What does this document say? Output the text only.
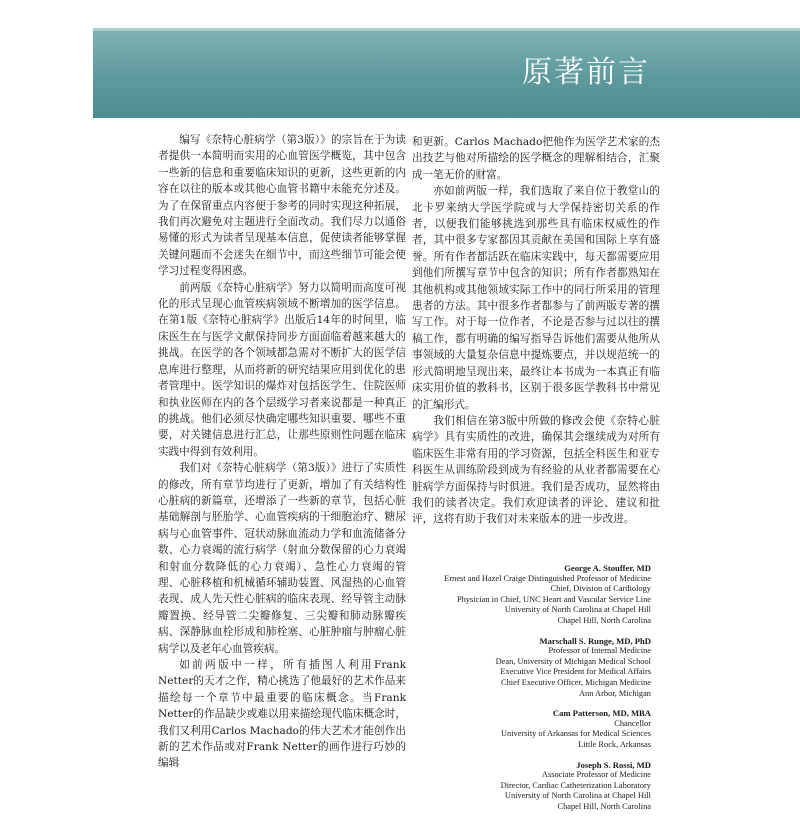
原著前言

编写《奈特心脏病学（第3版）》的宗旨在于为读者提供一本简明而实用的心血管医学概览，其中包含一些新的信息和重要临床知识的更新，这些更新的内容在以往的版本或其他心血管书籍中未能充分述及。为了在保留重点内容便于参考的同时实现这种拓展，我们再次避免对主题进行全面改动。我们尽力以通俗易懂的形式为读者呈现基本信息，促使读者能够掌握关键问题而不会迷失在细节中，而这些细节可能会使学习过程变得困惑。

前两版《奈特心脏病学》努力以简明而高度可视化的形式呈现心血管疾病领域不断增加的医学信息。在第1版《奈特心脏病学》出版后14年的时间里，临床医生在与医学文献保持同步方面面临着越来越大的挑战。在医学的各个领域都急需对不断扩大的医学信息库进行整理，从而将新的研究结果应用到优化的患者管理中。医学知识的爆炸对包括医学生、住院医师和执业医师在内的各个层级学习者来说都是一种真正的挑战。他们必须尽快确定哪些知识重要、哪些不重要，对关键信息进行汇总，让那些原则性问题在临床实践中得到有效利用。

我们对《奈特心脏病学（第3版）》进行了实质性的修改，所有章节均进行了更新，增加了有关结构性心脏病的新篇章，还增添了一些新的章节，包括心脏基础解剖与胚胎学、心血管疾病的干细胞治疗、糖尿病与心血管事件、冠状动脉血流动力学和血流储备分数、心力衰竭的流行病学（射血分数保留的心力衰竭和射血分数降低的心力衰竭）、急性心力衰竭的管理、心脏移植和机械循环辅助装置、风湿热的心血管表现、成人先天性心脏病的临床表现、经导管主动脉瓣置换、经导管二尖瓣修复、三尖瓣和肺动脉瓣疾病、深静脉血栓形成和肺栓塞、心脏肿瘤与肿瘤心脏病学以及老年心血管疾病。

如前两版中一样，所有插图人利用Frank Netter的天才之作，精心挑选了他最好的艺术作品来描绘每一个章节中最重要的临床概念。当Frank Netter的作品缺少或难以用来描绘现代临床概念时，我们又利用Carlos Machado的伟大艺术才能创作出新的艺术作品或对Frank Netter的画作进行巧妙的编辑

和更新。Carlos Machado把他作为医学艺术家的杰出技艺与他对所描绘的医学概念的理解相结合，汇聚成一笔无价的财富。

亦如前两版一样，我们选取了来自位于教堂山的北卡罗来纳大学医学院或与大学保持密切关系的作者，以便我们能够挑选到那些具有临床权威性的作者，其中很多专家都因其贡献在美国和国际上享有盛誉。所有作者都活跃在临床实践中，每天都需要应用到他们所撰写章节中包含的知识；所有作者都熟知在其他机构或其他领域实际工作中的同行所采用的管理患者的方法。其中很多作者都参与了前两版专著的撰写工作。对于每一位作者，不论是否参与过以往的撰稿工作，都有明确的编写指导告诉他们需要从他所从事领域的大量复杂信息中提炼要点，并以规范统一的形式简明地呈现出来，最终让本书成为一本真正有临床实用价值的教科书，区别于很多医学教科书中常见的汇编形式。

我们相信在第3版中所做的修改会使《奈特心脏病学》具有实质性的改进，确保其会继续成为对所有临床医生非常有用的学习资源，包括全科医生和亚专科医生从训练阶段到成为有经验的从业者都需要在心脏病学方面保持与时俱进。我们是否成功，显然将由我们的读者决定。我们欢迎读者的评论、建议和批评，这将有助于我们对未来版本的进一步改进。

George A. Stouffer, MD
Ernest and Hazel Craige Distinguished Professor of Medicine
Chief, Division of Cardiology
Physician in Chief, UNC Heart and Vascular Service Line
University of North Carolina at Chapel Hill
Chapel Hill, North Carolina
Marschall S. Runge, MD, PhD
Professor of Internal Medicine
Dean, University of Michigan Medical School
Executive Vice President for Medical Affairs
Chief Executive Officer, Michigan Medicine
Ann Arbor, Michigan
Cam Patterson, MD, MBA
Chancellor
University of Arkansas for Medical Sciences
Little Rock, Arkansas
Joseph S. Rossi, MD
Associate Professor of Medicine
Director, Cardiac Catheterization Laboratory
University of North Carolina at Chapel Hill
Chapel Hill, North Carolina
